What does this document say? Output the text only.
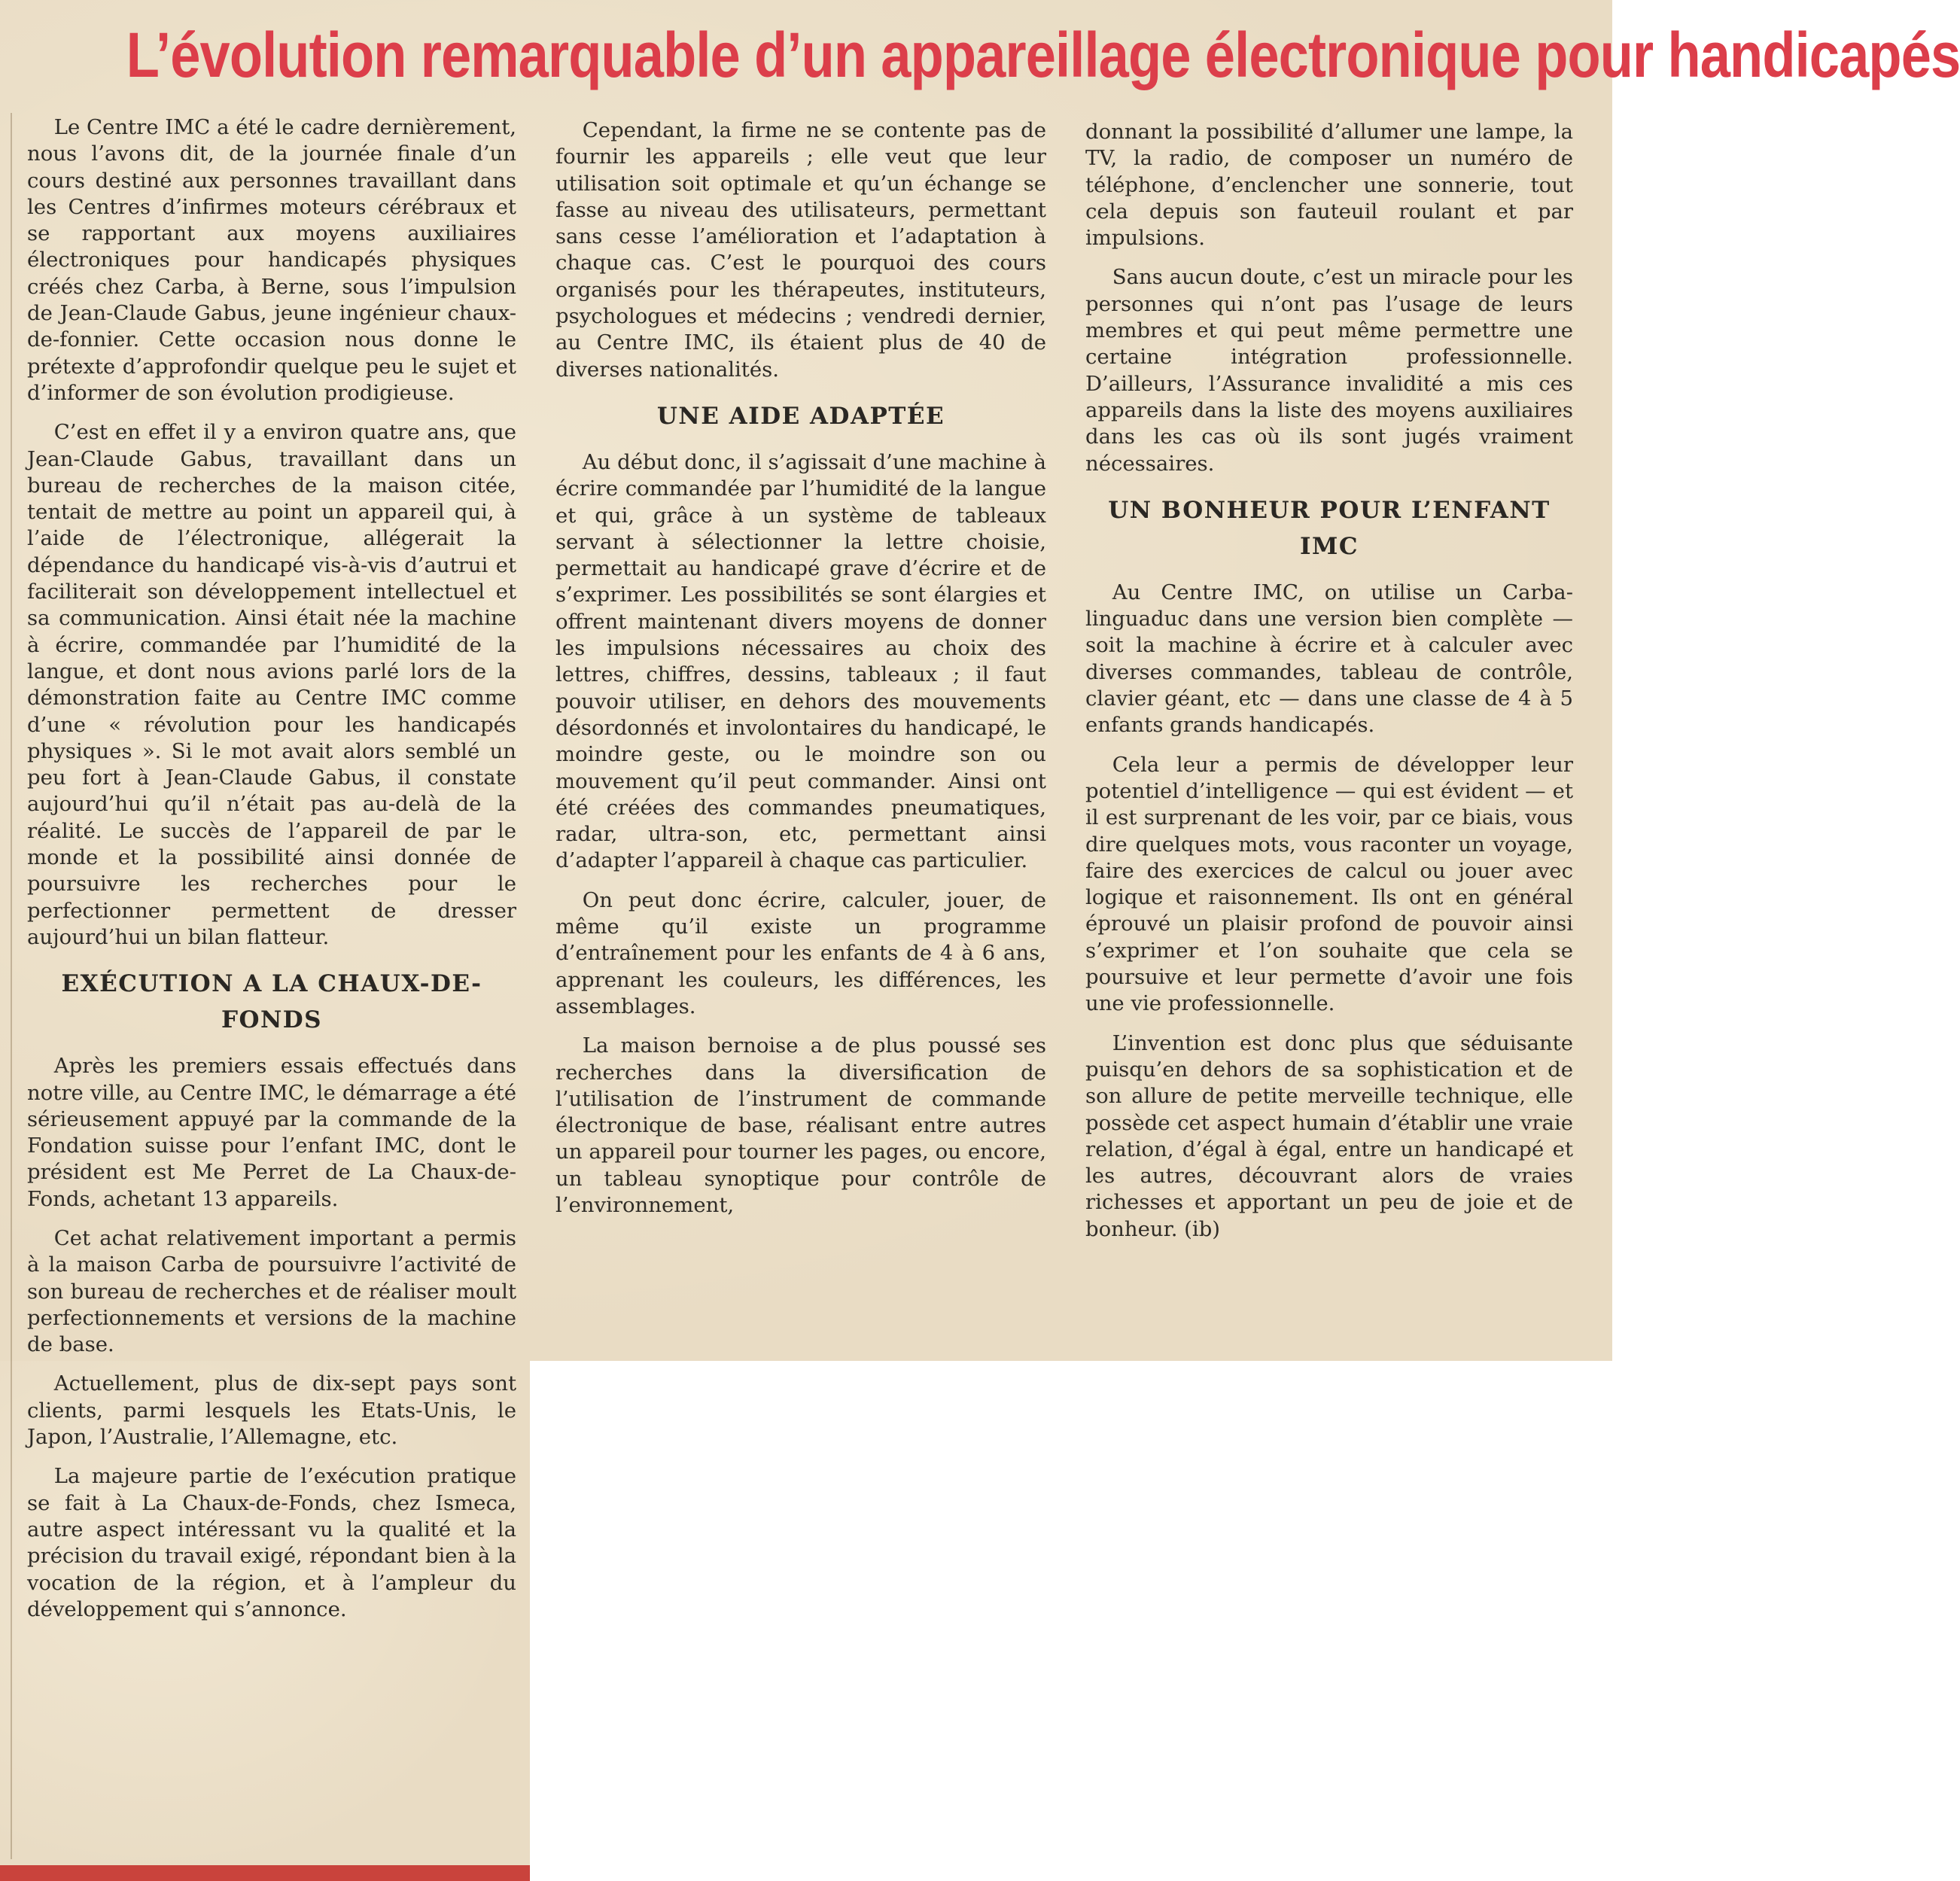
L’évolution remarquable d’un appareillage électronique pour handicapés

Le Centre IMC a été le cadre dernièrement, nous l’avons dit, de la journée finale d’un cours destiné aux personnes travaillant dans les Centres d’infirmes moteurs cérébraux et se rapportant aux moyens auxiliaires électroniques pour handicapés physiques créés chez Carba, à Berne, sous l’impulsion de Jean-Claude Gabus, jeune ingénieur chaux-de-fonnier. Cette occasion nous donne le prétexte d’approfondir quelque peu le sujet et d’informer de son évolution prodigieuse.

C’est en effet il y a environ quatre ans, que Jean-Claude Gabus, travaillant dans un bureau de recherches de la maison citée, tentait de mettre au point un appareil qui, à l’aide de l’électronique, allégerait la dépendance du handicapé vis-à-vis d’autrui et faciliterait son développement intellectuel et sa communication. Ainsi était née la machine à écrire, commandée par l’humidité de la langue, et dont nous avions parlé lors de la démonstration faite au Centre IMC comme d’une « révolution pour les handicapés physiques ». Si le mot avait alors semblé un peu fort à Jean-Claude Gabus, il constate aujourd’hui qu’il n’était pas au-delà de la réalité. Le succès de l’appareil de par le monde et la possibilité ainsi donnée de poursuivre les recherches pour le perfectionner permettent de dresser aujourd’hui un bilan flatteur.

EXÉCUTION A LA CHAUX-DE-FONDS

Après les premiers essais effectués dans notre ville, au Centre IMC, le démarrage a été sérieusement appuyé par la commande de la Fondation suisse pour l’enfant IMC, dont le président est Me Perret de La Chaux-de-Fonds, achetant 13 appareils.

Cet achat relativement important a permis à la maison Carba de poursuivre l’activité de son bureau de recherches et de réaliser moult perfectionnements et versions de la machine de base.

Actuellement, plus de dix-sept pays sont clients, parmi lesquels les Etats-Unis, le Japon, l’Australie, l’Allemagne, etc.

La majeure partie de l’exécution pratique se fait à La Chaux-de-Fonds, chez Ismeca, autre aspect intéressant vu la qualité et la précision du travail exigé, répondant bien à la vocation de la région, et à l’ampleur du développement qui s’annonce.

Cependant, la firme ne se contente pas de fournir les appareils ; elle veut que leur utilisation soit optimale et qu’un échange se fasse au niveau des utilisateurs, permettant sans cesse l’amélioration et l’adaptation à chaque cas. C’est le pourquoi des cours organisés pour les thérapeutes, instituteurs, psychologues et médecins ; vendredi dernier, au Centre IMC, ils étaient plus de 40 de diverses nationalités.

UNE AIDE ADAPTÉE

Au début donc, il s’agissait d’une machine à écrire commandée par l’humidité de la langue et qui, grâce à un système de tableaux servant à sélectionner la lettre choisie, permettait au handicapé grave d’écrire et de s’exprimer. Les possibilités se sont élargies et offrent maintenant divers moyens de donner les impulsions nécessaires au choix des lettres, chiffres, dessins, tableaux ; il faut pouvoir utiliser, en dehors des mouvements désordonnés et involontaires du handicapé, le moindre geste, ou le moindre son ou mouvement qu’il peut commander. Ainsi ont été créées des commandes pneumatiques, radar, ultra-son, etc, permettant ainsi d’adapter l’appareil à chaque cas particulier.

On peut donc écrire, calculer, jouer, de même qu’il existe un programme d’entraînement pour les enfants de 4 à 6 ans, apprenant les couleurs, les différences, les assemblages.

La maison bernoise a de plus poussé ses recherches dans la diversification de l’utilisation de l’instrument de commande électronique de base, réalisant entre autres un appareil pour tourner les pages, ou encore, un tableau synoptique pour contrôle de l’environnement,

donnant la possibilité d’allumer une lampe, la TV, la radio, de composer un numéro de téléphone, d’enclencher une sonnerie, tout cela depuis son fauteuil roulant et par impulsions.

Sans aucun doute, c’est un miracle pour les personnes qui n’ont pas l’usage de leurs membres et qui peut même permettre une certaine intégration professionnelle. D’ailleurs, l’Assurance invalidité a mis ces appareils dans la liste des moyens auxiliaires dans les cas où ils sont jugés vraiment nécessaires.

UN BONHEUR POUR L’ENFANT IMC

Au Centre IMC, on utilise un Carba-linguaduc dans une version bien complète — soit la machine à écrire et à calculer avec diverses commandes, tableau de contrôle, clavier géant, etc — dans une classe de 4 à 5 enfants grands handicapés.

Cela leur a permis de développer leur potentiel d’intelligence — qui est évident — et il est surprenant de les voir, par ce biais, vous dire quelques mots, vous raconter un voyage, faire des exercices de calcul ou jouer avec logique et raisonnement. Ils ont en général éprouvé un plaisir profond de pouvoir ainsi s’exprimer et l’on souhaite que cela se poursuive et leur permette d’avoir une fois une vie professionnelle.

L’invention est donc plus que séduisante puisqu’en dehors de sa sophistication et de son allure de petite merveille technique, elle possède cet aspect humain d’établir une vraie relation, d’égal à égal, entre un handicapé et les autres, découvrant alors de vraies richesses et apportant un peu de joie et de bonheur. (ib)
